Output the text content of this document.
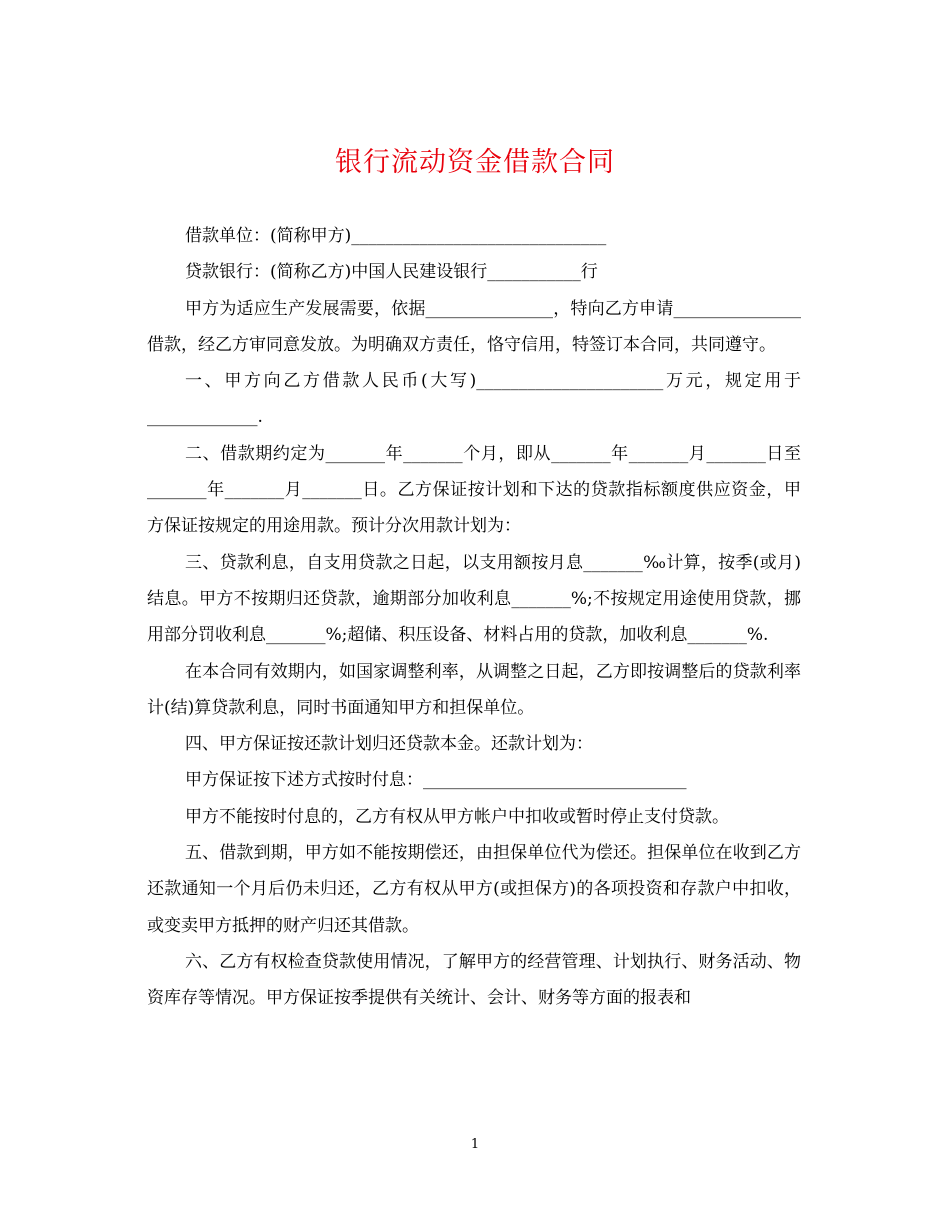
银行流动资金借款合同

借款单位：(简称甲方)______________________________

贷款银行：(简称乙方)中国人民建设银行___________行

甲方为适应生产发展需要，依据_______________，特向乙方申请_______________借款，经乙方审同意发放。为明确双方责任，恪守信用，特签订本合同，共同遵守。

一、甲方向乙方借款人民币(大写)______________________万元，规定用于_____________.

二、借款期约定为_______年_______个月，即从_______年_______月_______日至_______年_______月_______日。乙方保证按计划和下达的贷款指标额度供应资金，甲方保证按规定的用途用款。预计分次用款计划为：

三、贷款利息，自支用贷款之日起，以支用额按月息_______‰计算，按季(或月)结息。甲方不按期归还贷款，逾期部分加收利息_______%;不按规定用途使用贷款，挪用部分罚收利息_______%;超储、积压设备、材料占用的贷款，加收利息_______%.

在本合同有效期内，如国家调整利率，从调整之日起，乙方即按调整后的贷款利率计(结)算贷款利息，同时书面通知甲方和担保单位。

四、甲方保证按还款计划归还贷款本金。还款计划为：

甲方保证按下述方式按时付息：_______________________________

甲方不能按时付息的，乙方有权从甲方帐户中扣收或暂时停止支付贷款。

五、借款到期，甲方如不能按期偿还，由担保单位代为偿还。担保单位在收到乙方还款通知一个月后仍未归还，乙方有权从甲方(或担保方)的各项投资和存款户中扣收，或变卖甲方抵押的财产归还其借款。

六、乙方有权检查贷款使用情况，了解甲方的经营管理、计划执行、财务活动、物资库存等情况。甲方保证按季提供有关统计、会计、财务等方面的报表和

1
